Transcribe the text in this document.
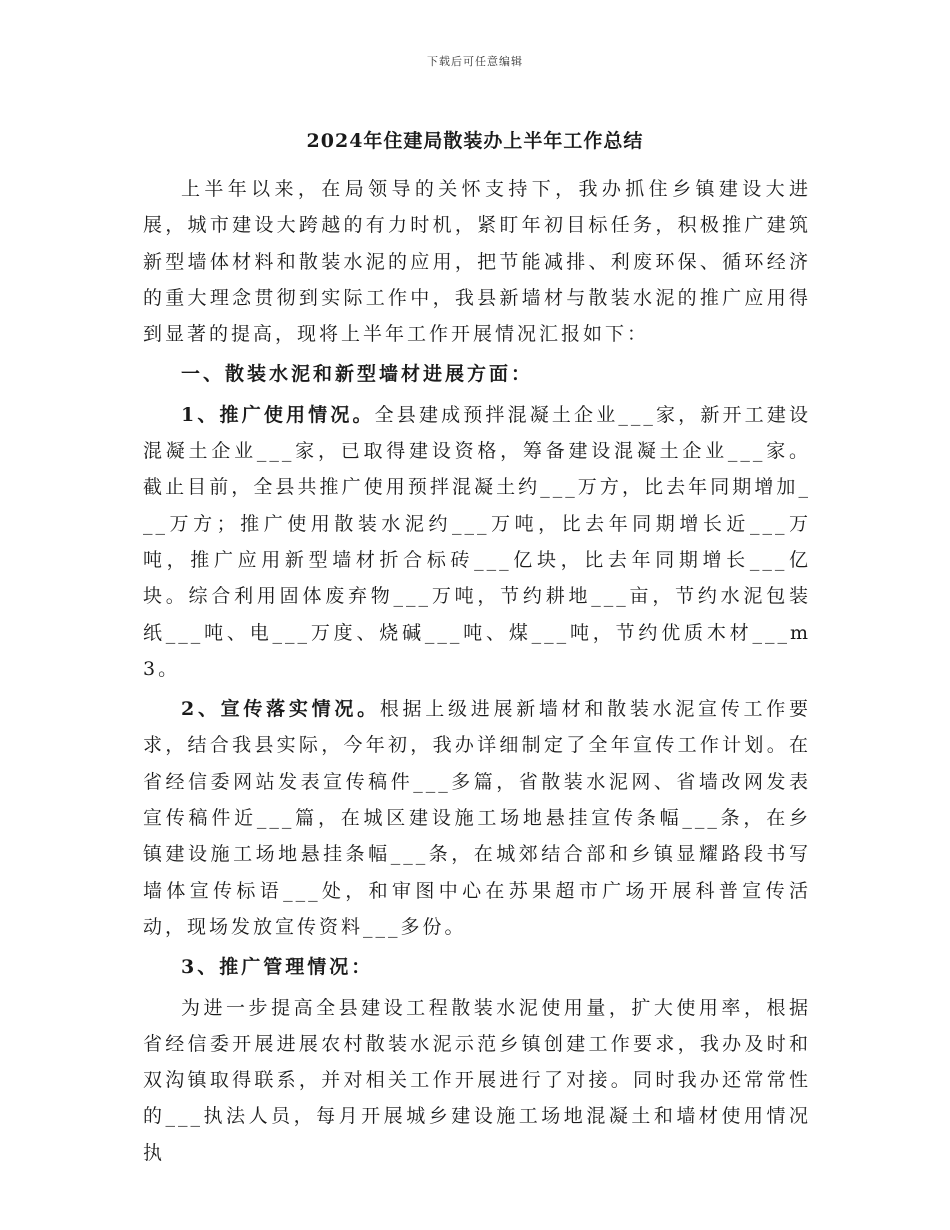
下载后可任意编辑
2024年住建局散装办上半年工作总结

上半年以来，在局领导的关怀支持下，我办抓住乡镇建设大进展，城市建设大跨越的有力时机，紧盯年初目标任务，积极推广建筑新型墙体材料和散装水泥的应用，把节能减排、利废环保、循环经济的重大理念贯彻到实际工作中，我县新墙材与散装水泥的推广应用得到显著的提高，现将上半年工作开展情况汇报如下：

一、散装水泥和新型墙材进展方面：

1、推广使用情况。全县建成预拌混凝土企业___家，新开工建设混凝土企业___家，已取得建设资格，筹备建设混凝土企业___家。截止目前，全县共推广使用预拌混凝土约___万方，比去年同期增加___万方；推广使用散装水泥约___万吨，比去年同期增长近___万吨，推广应用新型墙材折合标砖___亿块，比去年同期增长___亿块。综合利用固体废弃物___万吨，节约耕地___亩，节约水泥包装纸___吨、电___万度、烧碱___吨、煤___吨，节约优质木材___m3。

2、宣传落实情况。根据上级进展新墙材和散装水泥宣传工作要求，结合我县实际，今年初，我办详细制定了全年宣传工作计划。在省经信委网站发表宣传稿件___多篇，省散装水泥网、省墙改网发表宣传稿件近___篇，在城区建设施工场地悬挂宣传条幅___条，在乡镇建设施工场地悬挂条幅___条，在城郊结合部和乡镇显耀路段书写墙体宣传标语___处，和审图中心在苏果超市广场开展科普宣传活动，现场发放宣传资料___多份。

3、推广管理情况：

为进一步提高全县建设工程散装水泥使用量，扩大使用率，根据省经信委开展进展农村散装水泥示范乡镇创建工作要求，我办及时和双沟镇取得联系，并对相关工作开展进行了对接。同时我办还常常性的___执法人员，每月开展城乡建设施工场地混凝土和墙材使用情况执
